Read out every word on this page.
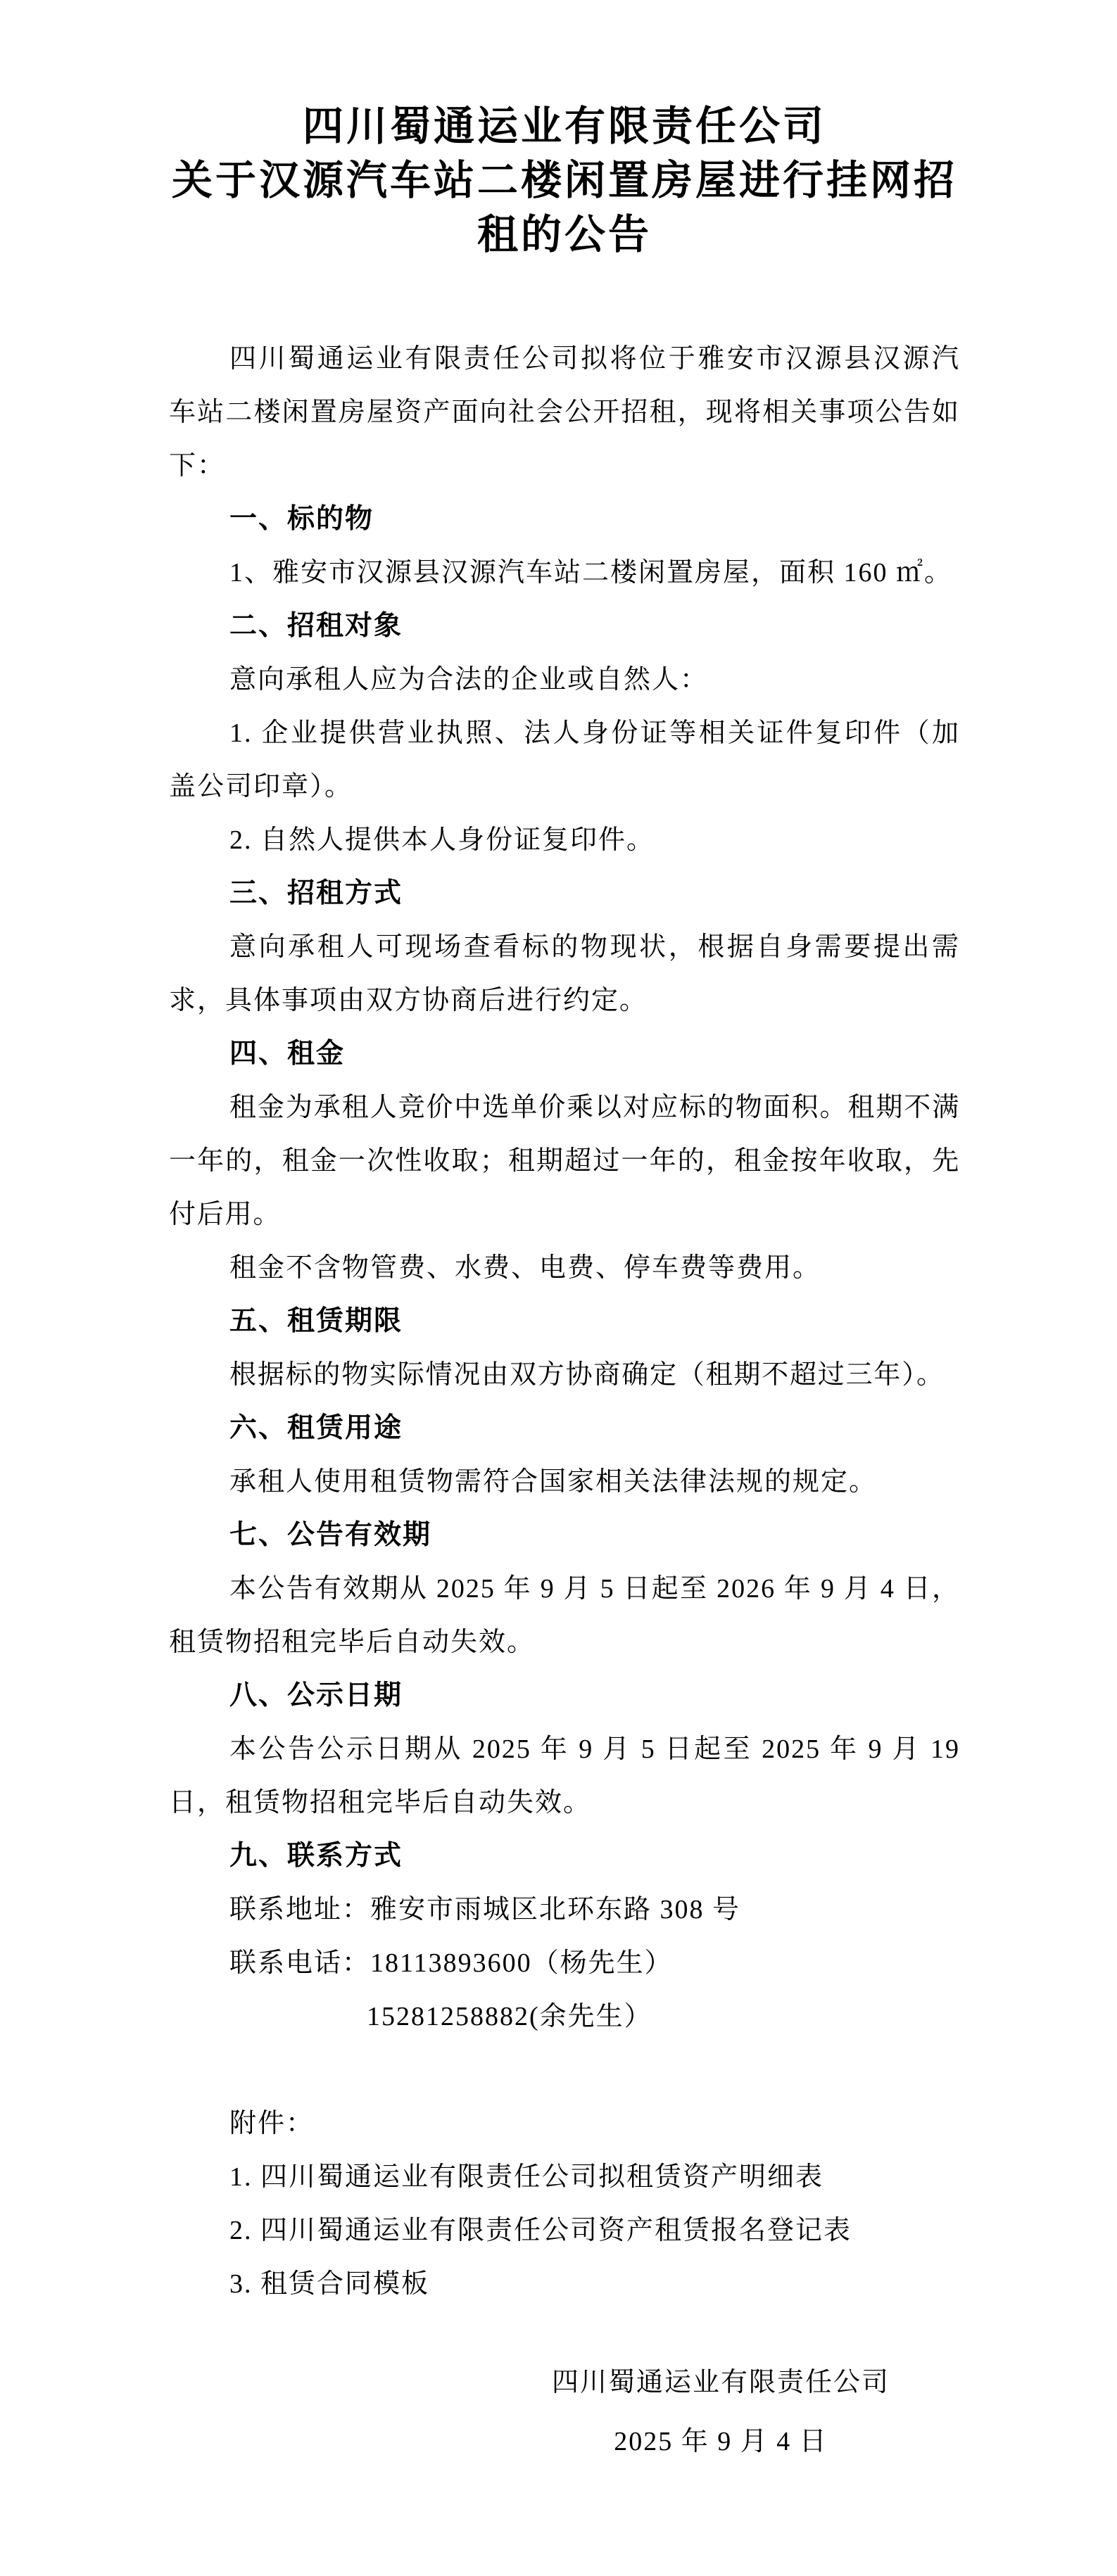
四川蜀通运业有限责任公司
关于汉源汽车站二楼闲置房屋进行挂网招租的公告

四川蜀通运业有限责任公司拟将位于雅安市汉源县汉源汽车站二楼闲置房屋资产面向社会公开招租，现将相关事项公告如下：

一、标的物

1、雅安市汉源县汉源汽车站二楼闲置房屋，面积 160 ㎡。

二、招租对象

意向承租人应为合法的企业或自然人：

1. 企业提供营业执照、法人身份证等相关证件复印件（加盖公司印章）。

2. 自然人提供本人身份证复印件。

三、招租方式

意向承租人可现场查看标的物现状，根据自身需要提出需求，具体事项由双方协商后进行约定。

四、租金

租金为承租人竞价中选单价乘以对应标的物面积。租期不满一年的，租金一次性收取；租期超过一年的，租金按年收取，先付后用。

租金不含物管费、水费、电费、停车费等费用。

五、租赁期限

根据标的物实际情况由双方协商确定（租期不超过三年）。

六、租赁用途

承租人使用租赁物需符合国家相关法律法规的规定。

七、公告有效期

本公告有效期从 2025 年 9 月 5 日起至 2026 年 9 月 4 日，租赁物招租完毕后自动失效。

八、公示日期

本公告公示日期从 2025 年 9 月 5 日起至 2025 年 9 月 19 日，租赁物招租完毕后自动失效。

九、联系方式

联系地址：雅安市雨城区北环东路 308 号

联系电话：18113893600（杨先生）

15281258882(余先生）

附件：

1. 四川蜀通运业有限责任公司拟租赁资产明细表

2. 四川蜀通运业有限责任公司资产租赁报名登记表

3. 租赁合同模板

四川蜀通运业有限责任公司

2025 年 9 月 4 日
